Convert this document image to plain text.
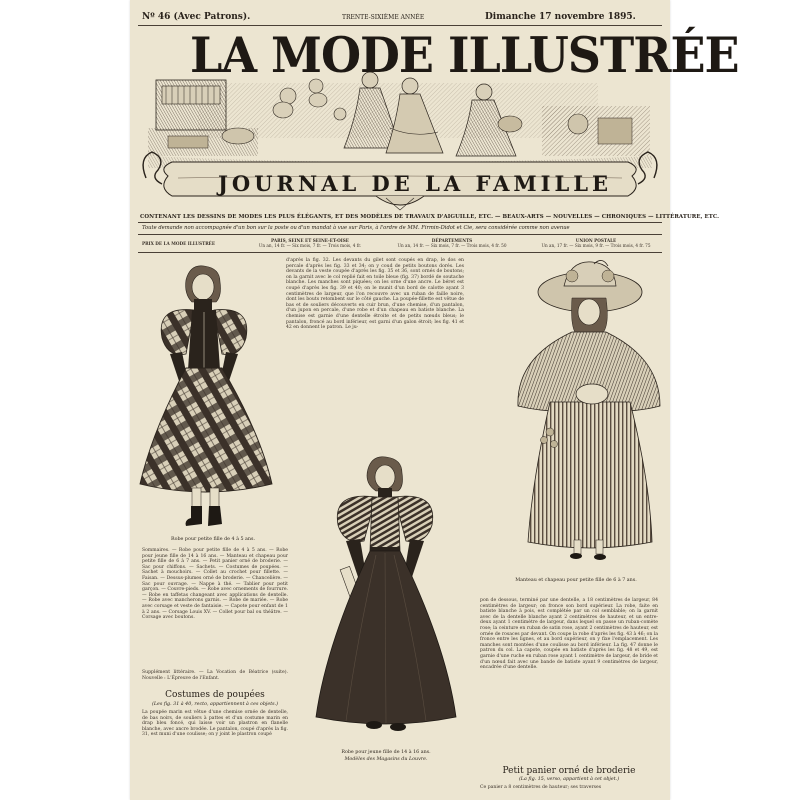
Nº 46 (Avec Patrons).	TRENTE-SIXIÈME ANNÉE	Dimanche 17 novembre 1895.
LA MODE ILLUSTRÉE
JOURNAL DE LA FAMILLE
CONTENANT LES DESSINS DE MODES LES PLUS ÉLÉGANTS, ET DES MODÈLES DE TRAVAUX D'AIGUILLE, ETC. — BEAUX-ARTS — NOUVELLES — CHRONIQUES — LITTÉRATURE, ETC.
Toute demande non accompagnée d'un bon sur la poste ou d'un mandat à vue sur Paris, à l'ordre de MM. Firmin-Didot et Cie, sera considérée comme non avenue
PRIX DE LA MODE ILLUSTRÉE
PARIS, SEINE ET SEINE-ET-OISE
Un an, 14 fr. — Six mois, 7 fr. — Trois mois, 4 fr.
DÉPARTEMENTS
Un an, 14 fr. — Six mois, 7 fr. — Trois mois, 4 fr. 50
UNION POSTALE
Un an, 17 fr. — Six mois, 9 fr. — Trois mois, 4 fr. 75
d'après la fig. 32. Les devants du gilet sont coupés en drap, le dos en percale d'après les fig. 33 et 34; on y coud de petits boutons dorés. Les devants de la veste coupée d'après les fig. 35 et 36, sont ornés de boutons; on la garnit avec le col replié fait en toile bleue (fig. 37) bordé de soutache blanche. Les manches sont piquées; on les orne d'une ancre. Le béret est coupé d'après les fig. 39 et 40; on le munit d'un bord de calotte ayant 3 centimètres de largeur, que l'on recouvre avec un ruban de faille noire, dont les bouts retombent sur le côté gauche. La poupée-fillette est vêtue de bas et de souliers découverts en cuir brun, d'une chemise, d'un pantalon, d'un jupon en percale, d'une robe et d'un chapeau en batiste blanche. La chemise est garnie d'une dentelle étroite et de petits nœuds bleus; le pantalon, froncé au bord inférieur, est garni d'un galon étroit; les fig. 41 et 42 en donnent le patron. Le ju-
Robe pour petite fille de 4 à 5 ans.
Sommaires. — Robe pour petite fille de 4 à 5 ans. — Robe pour jeune fille de 14 à 16 ans. — Manteau et chapeau pour petite fille de 6 à 7 ans. — Petit panier orné de broderie. — Sac pour chiffons. — Sachets. — Costumes de poupées. — Sachet à mouchoirs. — Collet au crochet pour fillette. — Faisan. — Dessus-plumes orné de broderie. — Chancelière. — Sac pour ouvrage. — Nappe à thé. — Tablier pour petit garçon. — Couvre-pieds. — Robe avec ornements de fourrure. — Robe en taffetas changeant avec applications de dentelle. — Robe avec mancherons garnis. — Robe de mariée. — Robe avec corsage et veste de fantaisie. — Capote pour enfant de 1 à 2 ans. — Corsage Louis XV. — Collet pour bal ou théâtre. — Corsage avec boutons.
Supplément littéraire. — La Vocation de Béatrice (suite). Nouvelle : L'Épreuve de l'Enfant.
Costumes de poupées
(Les fig. 31 à 40, recto, appartiennent à ces objets.)
La poupée marin est vêtue d'une chemise ornée de dentelle, de bas noirs, de souliers à pattes et d'un costume marin en drap bleu foncé, qui laisse voir un plastron en flanelle blanche, avec ancre brodée. Le pantalon, coupé d'après la fig. 31, est muni d'une coulisse; on y joint le plastron coupé
Robe pour jeune fille de 14 à 16 ans.
Modèles des Magasins du Louvre.
Manteau et chapeau pour petite fille de 6 à 7 ans.
pon de dessous, terminé par une dentelle, a 18 centimètres de largeur, 84 centimètres de largeur; on fronce son bord supérieur. La robe, faite en batiste blanche à pois, est complétée par un col semblable; on la garnit avec de la dentelle blanche ayant 2 centimètres de hauteur, et un entre-deux ayant 1 centimètre de largeur, dans lequel on passe un ruban-comète rose; la ceinture en ruban de satin rose, ayant 2 centimètres de hauteur, est ornée de rosaces par devant. On coupe la robe d'après les fig. 43 à 46; on la fronce entre les lignes, et au bord supérieur, on y fixe l'emplacement. Les manches sont montées d'une coulisse au bord inférieur. La fig. 47 donne le patron du col. La capote, coupée en batiste d'après les fig. 48 et 49, est garnie d'une ruche en ruban rose ayant 1 centimètre de largeur, de bride et d'un nœud fait avec une bande de batiste ayant 9 centimètres de largeur, encadrée d'une dentelle.
Petit panier orné de broderie
(La fig. 15, verso, appartient à cet objet.)
Ce panier a 8 centimètres de hauteur; ses traverses
